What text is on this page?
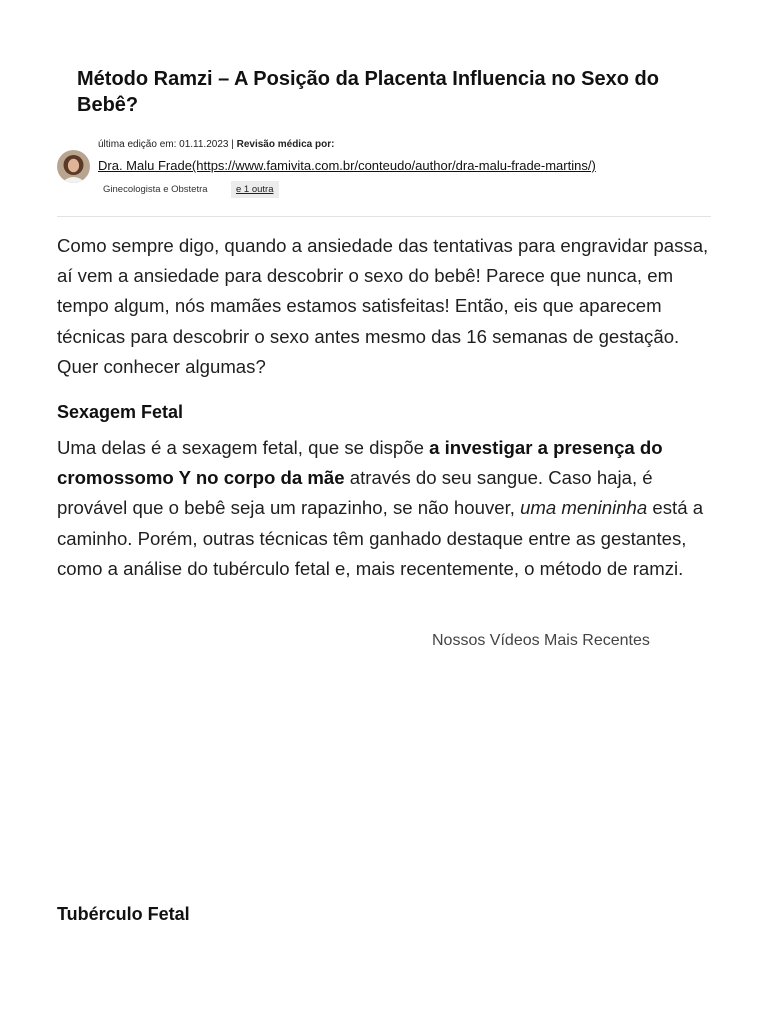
Método Ramzi – A Posição da Placenta Influencia no Sexo do Bebê?
última edição em: 01.11.2023 | Revisão médica por:
Dra. Malu Frade(https://www.famivita.com.br/conteudo/author/dra-malu-frade-martins/)
Ginecologista e Obstetra	e 1 outra

Como sempre digo, quando a ansiedade das tentativas para engravidar passa, aí vem a ansiedade para descobrir o sexo do bebê! Parece que nunca, em tempo algum, nós mamães estamos satisfeitas! Então, eis que aparecem técnicas para descobrir o sexo antes mesmo das 16 semanas de gestação. Quer conhecer algumas?

Sexagem Fetal

Uma delas é a sexagem fetal, que se dispõe a investigar a presença do cromossomo Y no corpo da mãe através do seu sangue. Caso haja, é provável que o bebê seja um rapazinho, se não houver, uma menininha está a caminho. Porém, outras técnicas têm ganhado destaque entre as gestantes, como a análise do tubérculo fetal e, mais recentemente, o método de ramzi.

Nossos Vídeos Mais Recentes
Tubérculo Fetal
